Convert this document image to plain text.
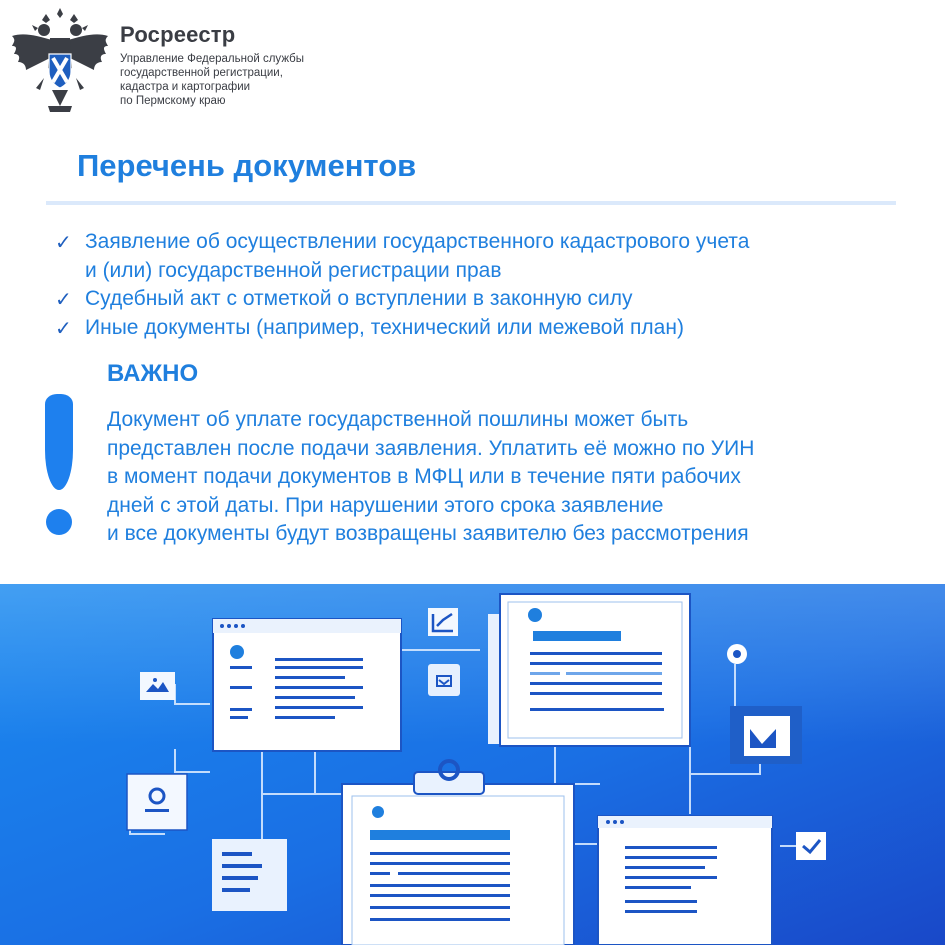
Росреестр
Управление Федеральной службы
государственной регистрации,
кадастра и картографии
по Пермскому краю
Перечень документов
✓ Заявление об осуществлении государственного кадастрового учета
и (или) государственной регистрации прав
✓ Судебный акт с отметкой о вступлении в законную силу
✓ Иные документы (например, технический или межевой план)
ВАЖНО
Документ об уплате государственной пошлины может быть
представлен после подачи заявления. Уплатить её можно по УИН
в момент подачи документов в МФЦ или в течение пяти рабочих
дней с этой даты. При нарушении этого срока заявление
и все документы будут возвращены заявителю без рассмотрения
